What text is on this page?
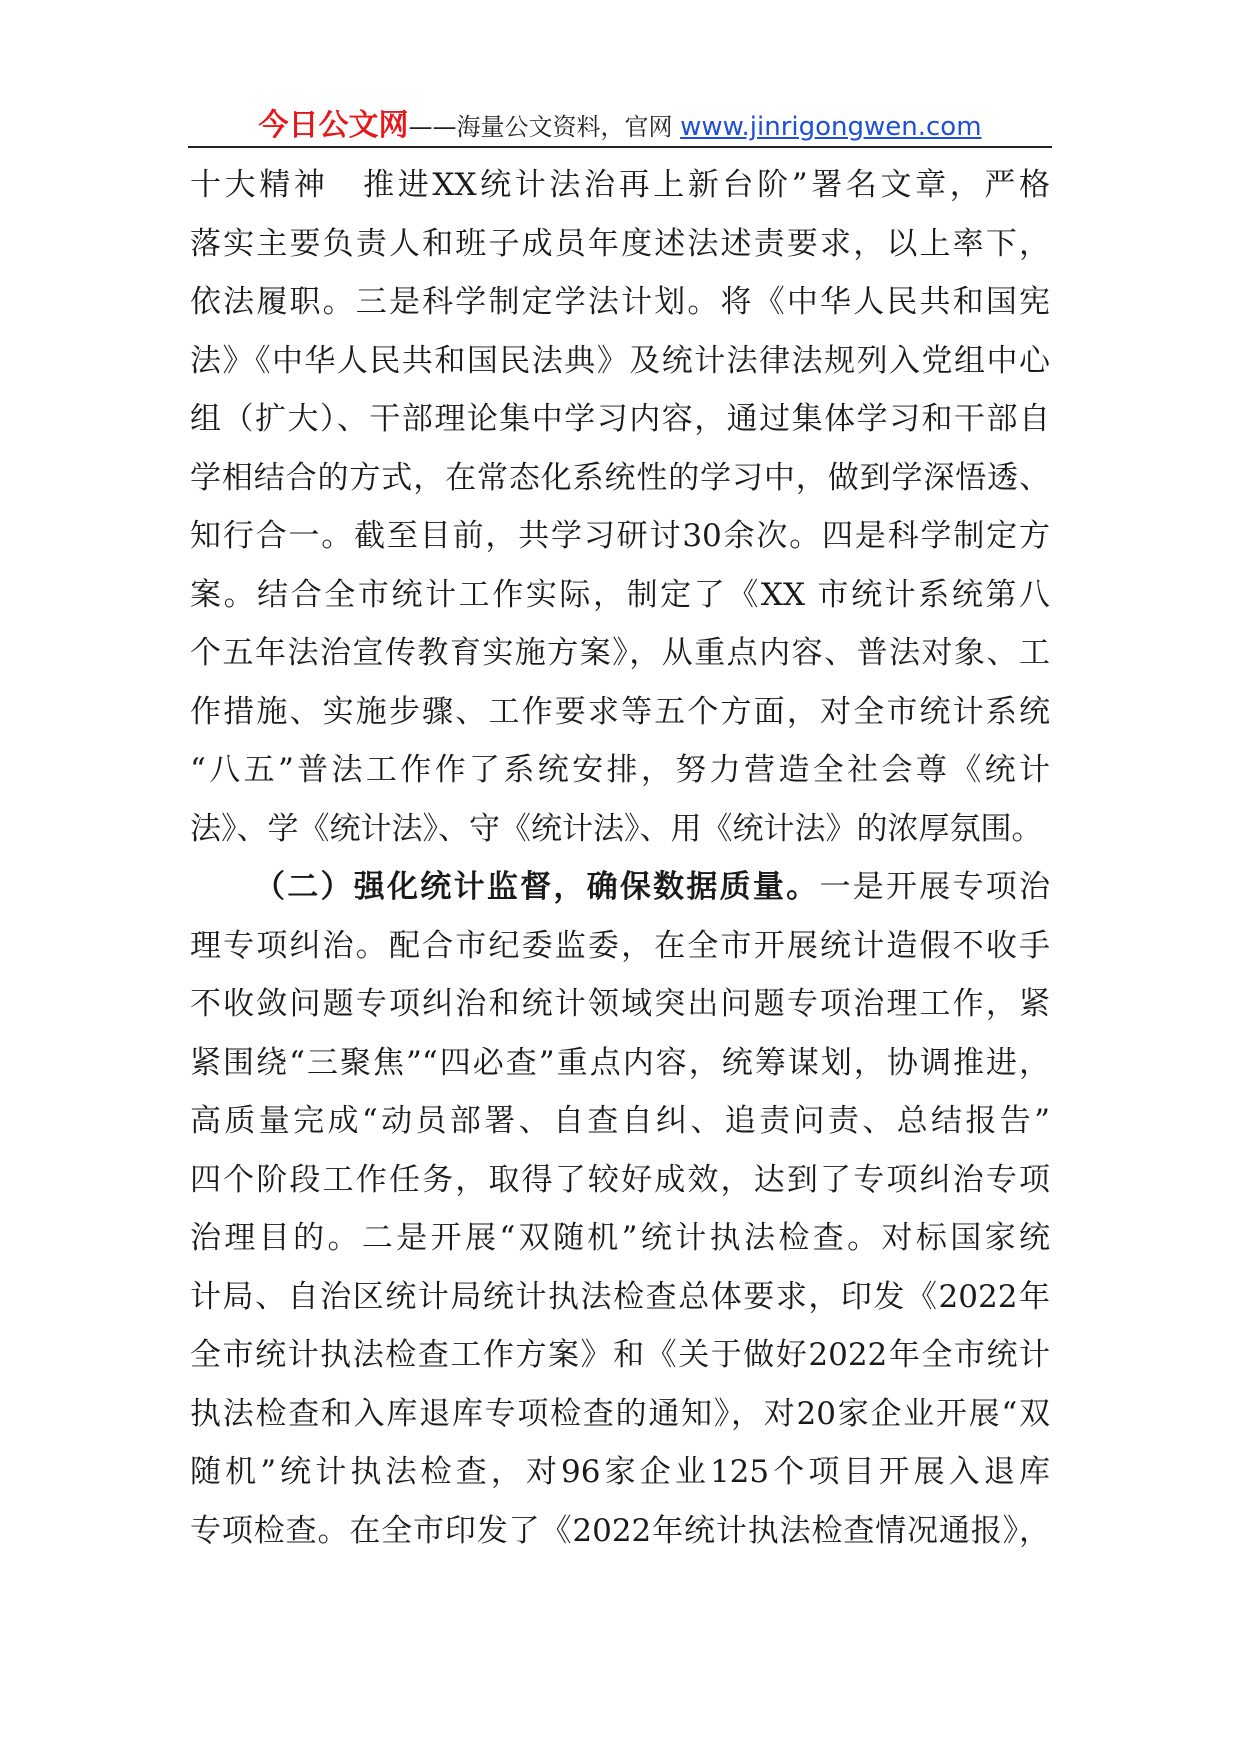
今日公文网——海量公文资料，官网 www.jinrigongwen.com
十大精神　推进XX统计法治再上新台阶”署名文章，严格
落实主要负责人和班子成员年度述法述责要求，以上率下，
依法履职。三是科学制定学法计划。将《中华人民共和国宪
法》《中华人民共和国民法典》及统计法律法规列入党组中心
组（扩大）、干部理论集中学习内容，通过集体学习和干部自
学相结合的方式，在常态化系统性的学习中，做到学深悟透、
知行合一。截至目前，共学习研讨30余次。四是科学制定方
案。结合全市统计工作实际，制定了《XX 市统计系统第八
个五年法治宣传教育实施方案》，从重点内容、普法对象、工
作措施、实施步骤、工作要求等五个方面，对全市统计系统
“八五”普法工作作了系统安排，努力营造全社会尊《统计
法》、学《统计法》、守《统计法》、用《统计法》的浓厚氛围。
（二）强化统计监督，确保数据质量。一是开展专项治
理专项纠治。配合市纪委监委，在全市开展统计造假不收手
不收敛问题专项纠治和统计领域突出问题专项治理工作，紧
紧围绕“三聚焦”“四必查”重点内容，统筹谋划，协调推进，
高质量完成“动员部署、自查自纠、追责问责、总结报告”
四个阶段工作任务，取得了较好成效，达到了专项纠治专项
治理目的。二是开展“双随机”统计执法检查。对标国家统
计局、自治区统计局统计执法检查总体要求，印发《2022年
全市统计执法检查工作方案》和《关于做好2022年全市统计
执法检查和入库退库专项检查的通知》，对20家企业开展“双
随机”统计执法检查，对96家企业125个项目开展入退库
专项检查。在全市印发了《2022年统计执法检查情况通报》，
